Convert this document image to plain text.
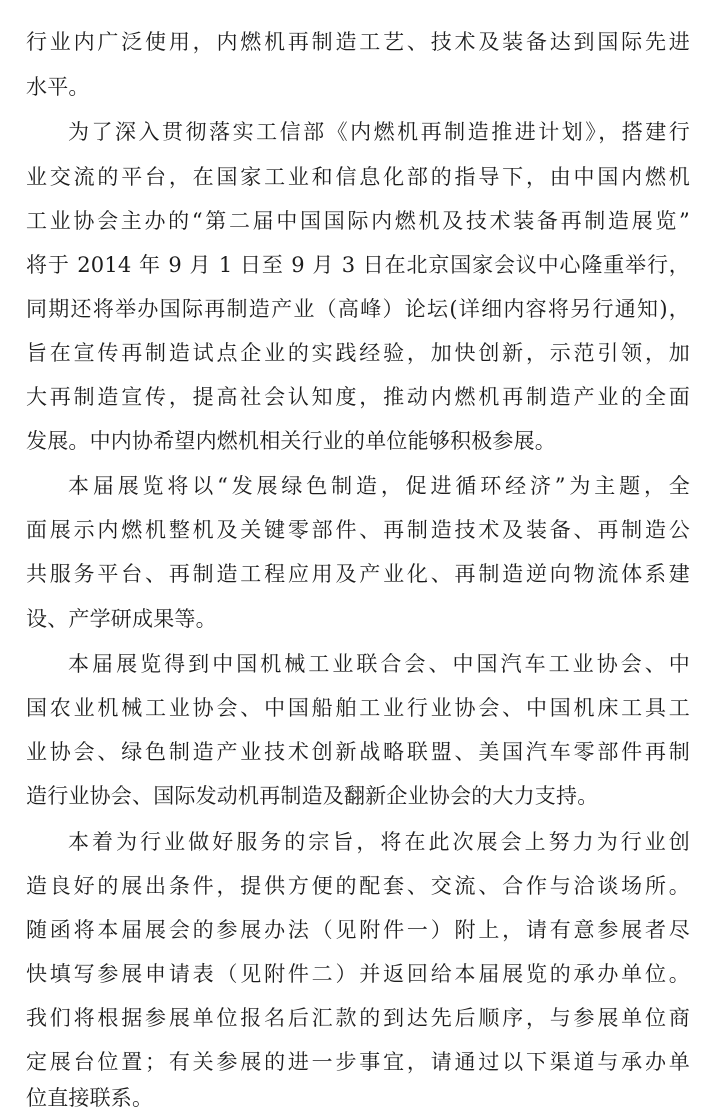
行业内广泛使用，内燃机再制造工艺、技术及装备达到国际先进

水平。

为了深入贯彻落实工信部《内燃机再制造推进计划》，搭建行

业交流的平台，在国家工业和信息化部的指导下，由中国内燃机

工业协会主办的“第二届中国国际内燃机及技术装备再制造展览”

将于 2014 年 9 月 1 日至 9 月 3 日在北京国家会议中心隆重举行，

同期还将举办国际再制造产业（高峰）论坛(详细内容将另行通知)，

旨在宣传再制造试点企业的实践经验，加快创新，示范引领，加

大再制造宣传，提高社会认知度，推动内燃机再制造产业的全面

发展。中内协希望内燃机相关行业的单位能够积极参展。

本届展览将以“发展绿色制造，促进循环经济”为主题，全

面展示内燃机整机及关键零部件、再制造技术及装备、再制造公

共服务平台、再制造工程应用及产业化、再制造逆向物流体系建

设、产学研成果等。

本届展览得到中国机械工业联合会、中国汽车工业协会、中

国农业机械工业协会、中国船舶工业行业协会、中国机床工具工

业协会、绿色制造产业技术创新战略联盟、美国汽车零部件再制

造行业协会、国际发动机再制造及翻新企业协会的大力支持。

本着为行业做好服务的宗旨，将在此次展会上努力为行业创

造良好的展出条件，提供方便的配套、交流、合作与洽谈场所。

随函将本届展会的参展办法（见附件一）附上，请有意参展者尽

快填写参展申请表（见附件二）并返回给本届展览的承办单位。

我们将根据参展单位报名后汇款的到达先后顺序，与参展单位商

定展台位置；有关参展的进一步事宜，请通过以下渠道与承办单

位直接联系。
